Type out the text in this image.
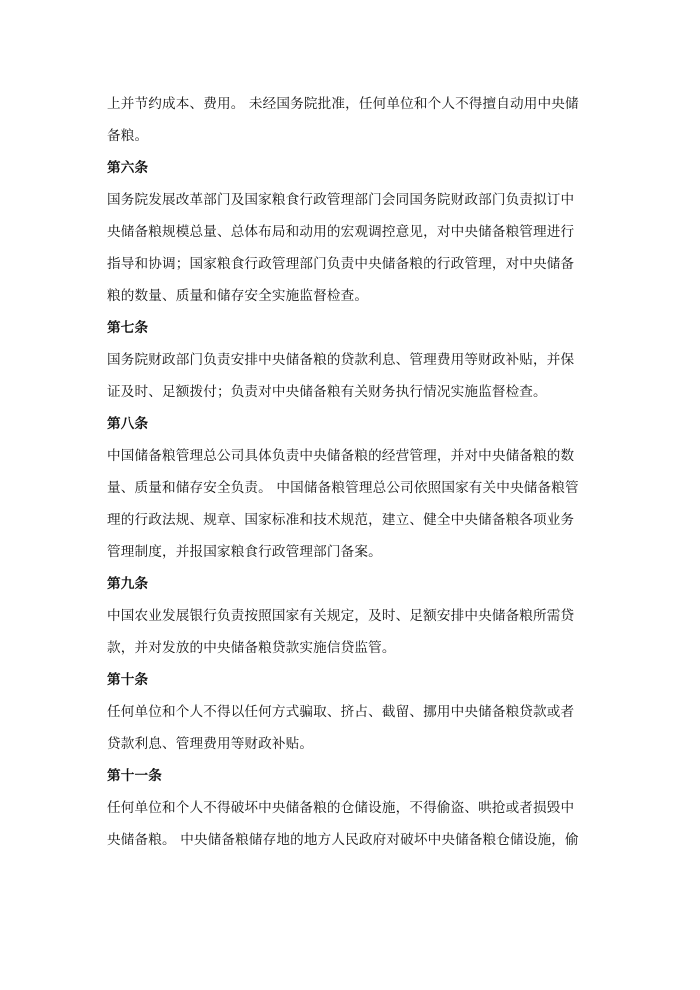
上并节约成本、费用。 未经国务院批准，任何单位和个人不得擅自动用中央储
备粮。
第六条
国务院发展改革部门及国家粮食行政管理部门会同国务院财政部门负责拟订中
央储备粮规模总量、总体布局和动用的宏观调控意见，对中央储备粮管理进行
指导和协调；国家粮食行政管理部门负责中央储备粮的行政管理，对中央储备
粮的数量、质量和储存安全实施监督检查。
第七条
国务院财政部门负责安排中央储备粮的贷款利息、管理费用等财政补贴，并保
证及时、足额拨付；负责对中央储备粮有关财务执行情况实施监督检查。
第八条
中国储备粮管理总公司具体负责中央储备粮的经营管理，并对中央储备粮的数
量、质量和储存安全负责。 中国储备粮管理总公司依照国家有关中央储备粮管
理的行政法规、规章、国家标准和技术规范，建立、健全中央储备粮各项业务
管理制度，并报国家粮食行政管理部门备案。
第九条
中国农业发展银行负责按照国家有关规定，及时、足额安排中央储备粮所需贷
款，并对发放的中央储备粮贷款实施信贷监管。
第十条
任何单位和个人不得以任何方式骗取、挤占、截留、挪用中央储备粮贷款或者
贷款利息、管理费用等财政补贴。
第十一条
任何单位和个人不得破坏中央储备粮的仓储设施，不得偷盗、哄抢或者损毁中
央储备粮。 中央储备粮储存地的地方人民政府对破坏中央储备粮仓储设施，偷
